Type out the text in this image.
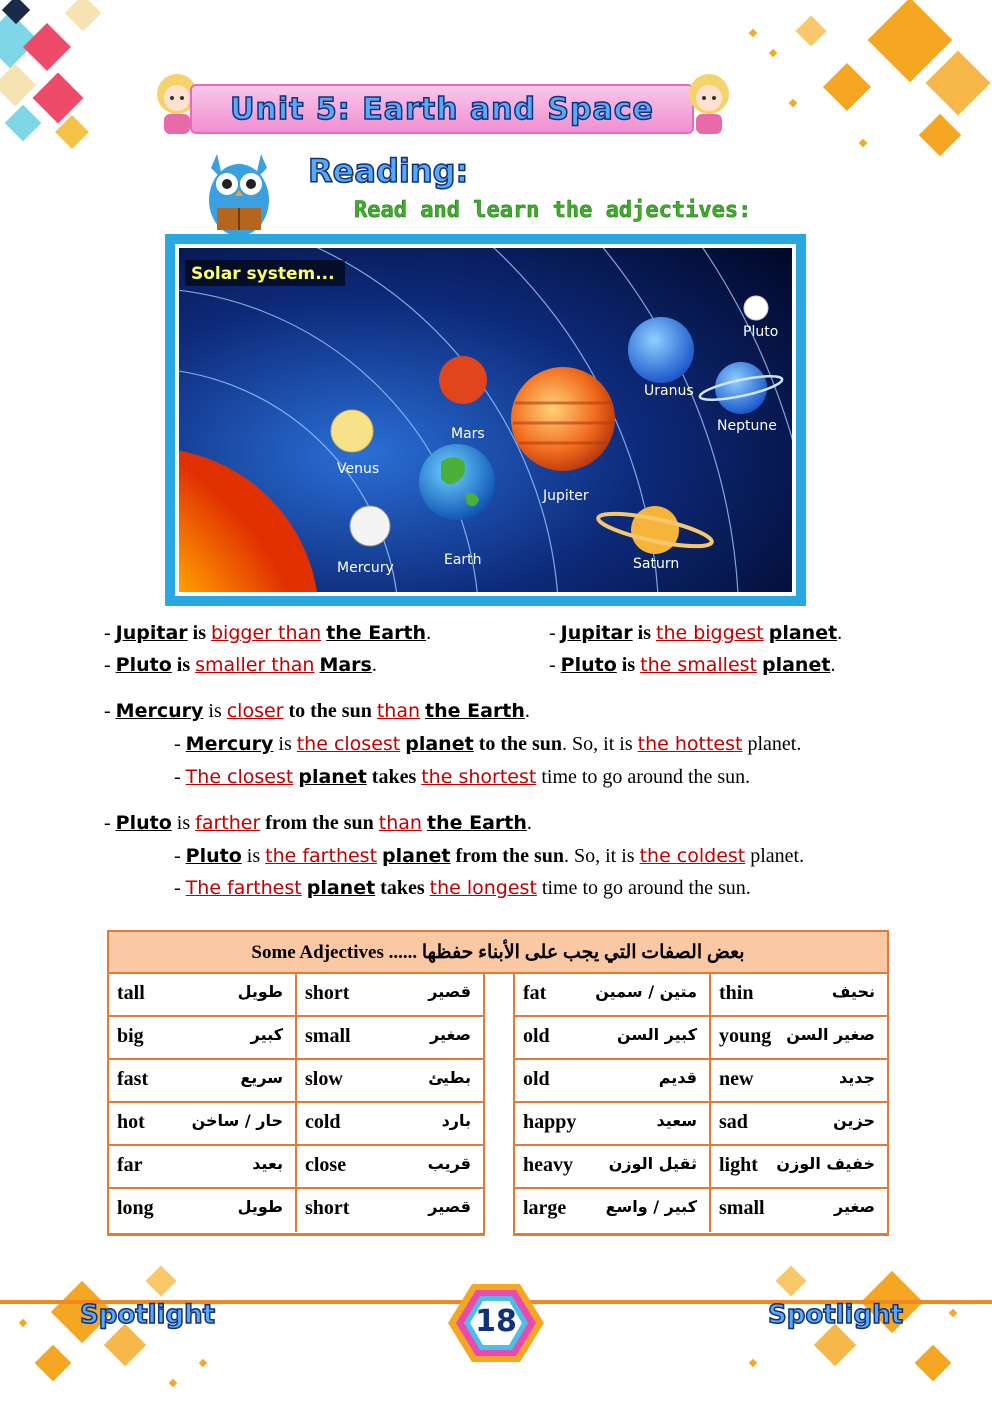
Unit 5: Earth and Space
Reading:
Read and learn the adjectives:
Pluto
Uranus
Neptune
Mars
Venus
Jupiter
Earth
Mercury	Saturn
Solar system...
- Jupitar is bigger than the Earth.	- Jupitar is the biggest planet.
- Pluto is smaller than Mars.	- Pluto is the smallest planet.
- Mercury is closer to the sun than the Earth.
- Mercury is the closest planet to the sun. So, it is the hottest planet.
- The closest planet takes the shortest time to go around the sun.
- Pluto is farther from the sun than the Earth.
- Pluto is the farthest planet from the sun. So, it is the coldest planet.
- The farthest planet takes the longest time to go around the sun.
Some Adjectives ...... بعض الصفات التي يجب على الأبناء حفظها
tall	طويل short	قصير
big	كبير small	صغير
fast	سريع slow	بطيئ
hot	حار / ساخن cold	بارد
far	بعيد close	قريب
long	طويل short	قصير
fat	متين / سمين thin	نحيف
old	كبير السن young صغير السن
old	قديم new	جديد
happy	سعيد sad	حزين
heavy ثقيل الوزن light خفيف الوزن
large كبير / واسع small	صغير
Spotlight	Spotlight
18
